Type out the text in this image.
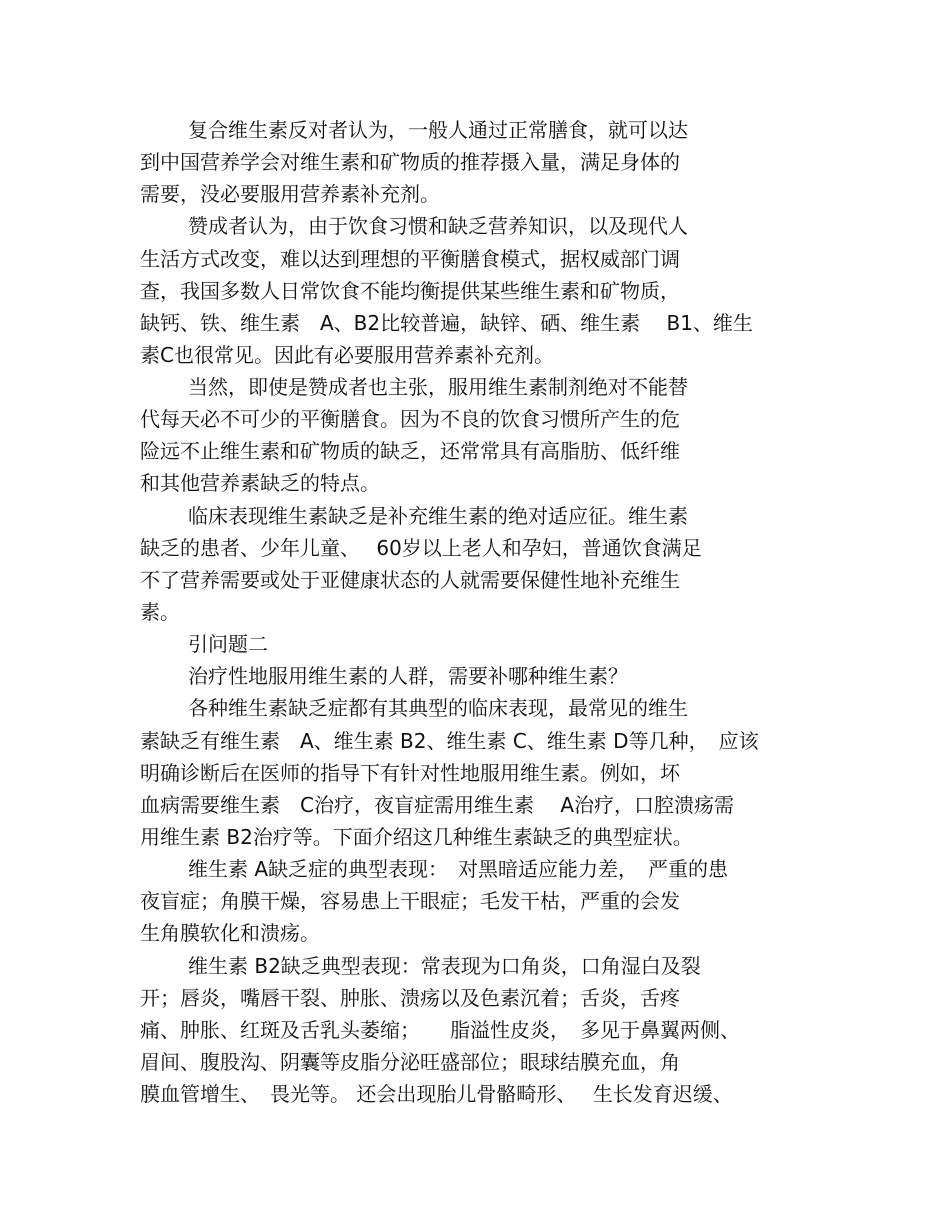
复合维生素反对者认为，一般人通过正常膳食，就可以达
到中国营养学会对维生素和矿物质的推荐摄入量，满足身体的
需要，没必要服用营养素补充剂。
赞成者认为，由于饮食习惯和缺乏营养知识，以及现代人
生活方式改变，难以达到理想的平衡膳食模式，据权威部门调
查，我国多数人日常饮食不能均衡提供某些维生素和矿物质，
缺钙、铁、维生素　A、B2比较普遍，缺锌、硒、维生素　 B1、维生
素C也很常见。因此有必要服用营养素补充剂。
当然，即使是赞成者也主张，服用维生素制剂绝对不能替
代每天必不可少的平衡膳食。因为不良的饮食习惯所产生的危
险远不止维生素和矿物质的缺乏，还常常具有高脂肪、低纤维
和其他营养素缺乏的特点。
临床表现维生素缺乏是补充维生素的绝对适应征。维生素
缺乏的患者、少年儿童、　 60岁以上老人和孕妇，普通饮食满足
不了营养需要或处于亚健康状态的人就需要保健性地补充维生
素。
引问题二
治疗性地服用维生素的人群，需要补哪种维生素？
各种维生素缺乏症都有其典型的临床表现，最常见的维生
素缺乏有维生素　A、维生素 B2、维生素 C、维生素 D等几种，　应该
明确诊断后在医师的指导下有针对性地服用维生素。例如，坏
血病需要维生素　C治疗，夜盲症需用维生素　 A治疗，口腔溃疡需
用维生素 B2治疗等。下面介绍这几种维生素缺乏的典型症状。
维生素 A缺乏症的典型表现：　对黑暗适应能力差，　严重的患
夜盲症；角膜干燥，容易患上干眼症；毛发干枯，严重的会发
生角膜软化和溃疡。
维生素 B2缺乏典型表现：常表现为口角炎，口角湿白及裂
开；唇炎，嘴唇干裂、肿胀、溃疡以及色素沉着；舌炎，舌疼
痛、肿胀、红斑及舌乳头萎缩；　　脂溢性皮炎，　多见于鼻翼两侧、
眉间、腹股沟、阴囊等皮脂分泌旺盛部位；眼球结膜充血，角
膜血管增生、　畏光等。 还会出现胎儿骨骼畸形、　 生长发育迟缓、
